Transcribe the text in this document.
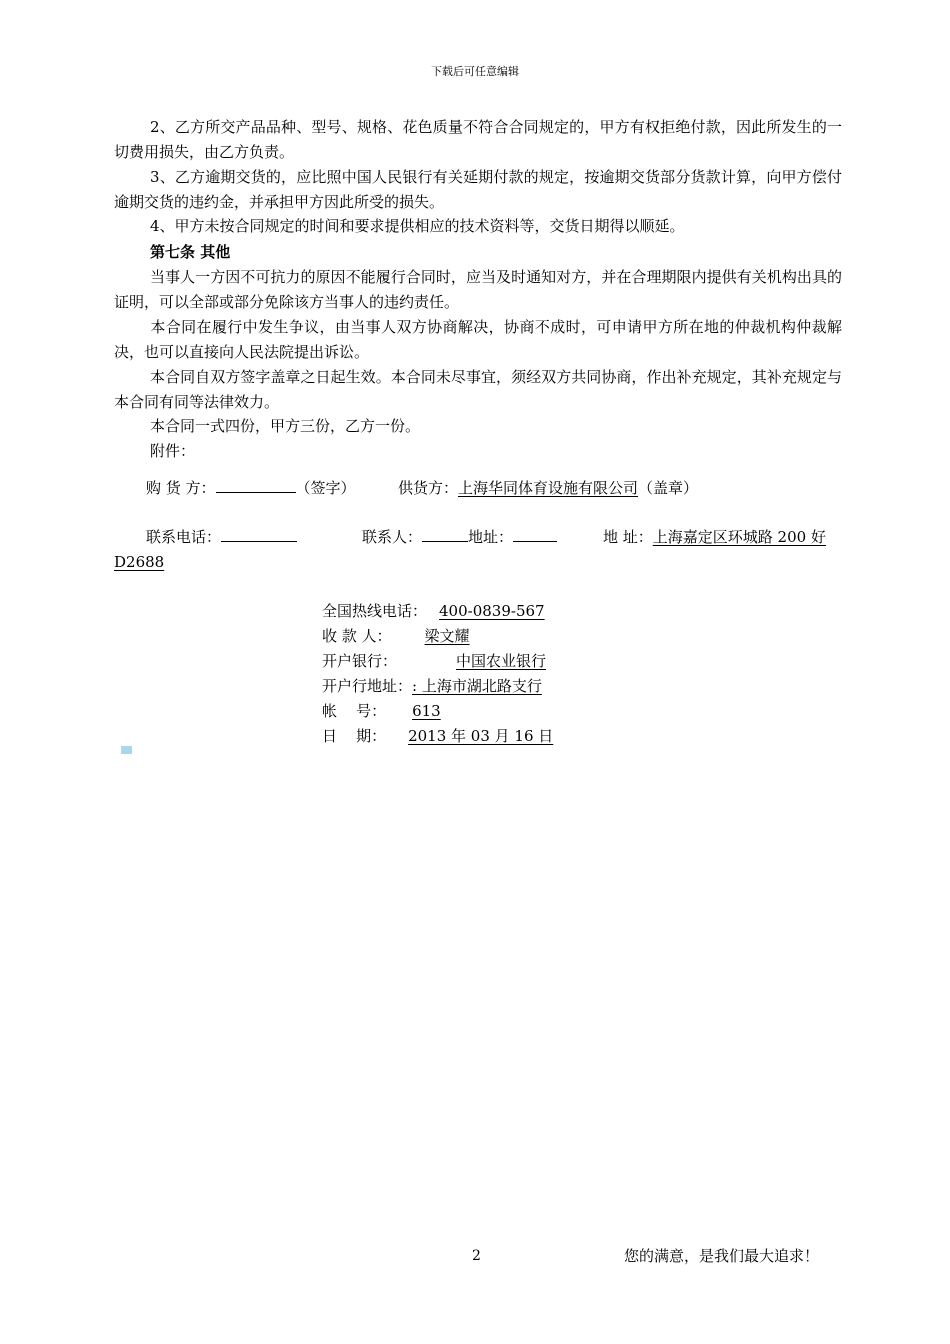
下载后可任意编辑
2、乙方所交产品品种、型号、规格、花色质量不符合合同规定的，甲方有权拒绝付款，因此所发生的一切费用损失，由乙方负责。
3、乙方逾期交货的，应比照中国人民银行有关延期付款的规定，按逾期交货部分货款计算，向甲方偿付逾期交货的违约金，并承担甲方因此所受的损失。
4、甲方未按合同规定的时间和要求提供相应的技术资料等，交货日期得以顺延。
第七条 其他
当事人一方因不可抗力的原因不能履行合同时，应当及时通知对方，并在合理期限内提供有关机构出具的证明，可以全部或部分免除该方当事人的违约责任。
本合同在履行中发生争议，由当事人双方协商解决，协商不成时，可申请甲方所在地的仲裁机构仲裁解决，也可以直接向人民法院提出诉讼。
本合同自双方签字盖章之日起生效。本合同未尽事宜，须经双方共同协商，作出补充规定，其补充规定与本合同有同等法律效力。
本合同一式四份，甲方三份，乙方一份。
附件：
购 货 方：	（签字）	供货方：上海华同体育设施有限公司（盖章）
联系电话：	联系人：	地址：	地 址：上海嘉定区环城路 200 好
D2688
全国热线电话： 400-0839-567
收 款 人： 梁文耀
开户银行：	中国农业银行
开户行地址：: 上海市湖北路支行
帐    号： 613
日    期： 2013 年 03 月 16 日
2	您的满意，是我们最大追求！
